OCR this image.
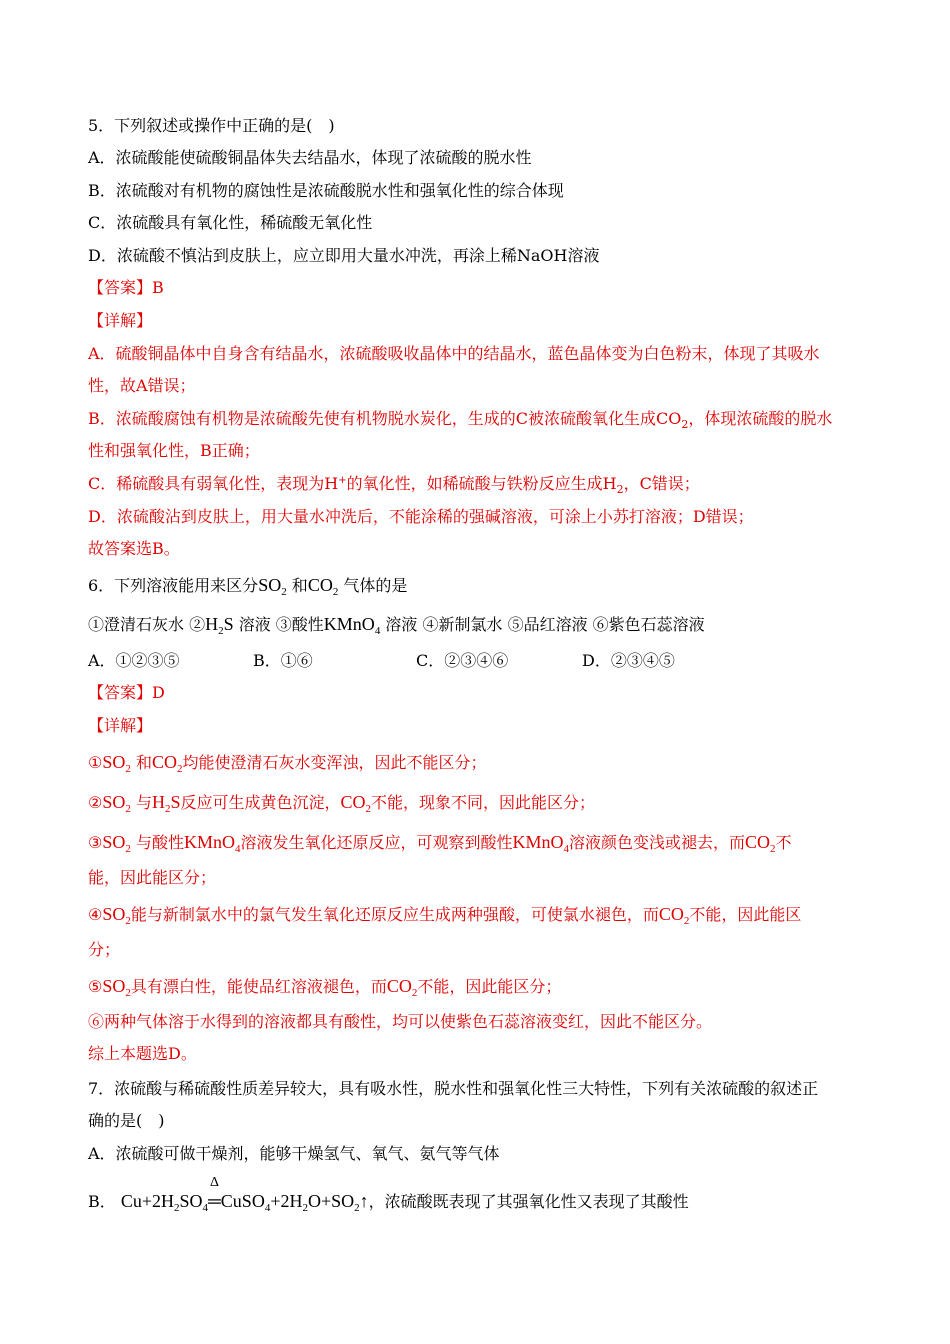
5．下列叙述或操作中正确的是(　)
A．浓硫酸能使硫酸铜晶体失去结晶水，体现了浓硫酸的脱水性
B．浓硫酸对有机物的腐蚀性是浓硫酸脱水性和强氧化性的综合体现
C．浓硫酸具有氧化性，稀硫酸无氧化性
D．浓硫酸不慎沾到皮肤上，应立即用大量水冲洗，再涂上稀NaOH溶液
【答案】B
【详解】
A．硫酸铜晶体中自身含有结晶水，浓硫酸吸收晶体中的结晶水，蓝色晶体变为白色粉末，体现了其吸水
性，故A错误；
B．浓硫酸腐蚀有机物是浓硫酸先使有机物脱水炭化，生成的C被浓硫酸氧化生成$CO_2$，体现浓硫酸的脱水
性和强氧化性，B正确；
C．稀硫酸具有弱氧化性，表现为H+的氧化性，如稀硫酸与铁粉反应生成$H_2$，C错误；
D．浓硫酸沾到皮肤上，用大量水冲洗后，不能涂稀的强碱溶液，可涂上小苏打溶液；D错误；
故答案选B。
6．下列溶液能用来区分$SO_2$ 和$CO_2$ 气体的是
①澄清石灰水 $②H_2S$ 溶液 ③酸性KMnO$_4$ 溶液 ④新制氯水 ⑤品红溶液 ⑥紫色石蕊溶液
A．①②③⑤	B．①⑥	C．②③④⑥	D．②③④⑤
【答案】D
【详解】
$①SO_2$ 和$CO_2$均能使澄清石灰水变浑浊，因此不能区分；
$②SO_2$ 与$H_2S$反应可生成黄色沉淀，$CO_2$不能，现象不同，因此能区分；
$③SO_2$ 与酸性KMnO$_4$溶液发生氧化还原反应，可观察到酸性KMnO$_4$溶液颜色变浅或褪去，而$CO_2$不
能，因此能区分；
$④SO_2$能与新制氯水中的氯气发生氧化还原反应生成两种强酸，可使氯水褪色，而$CO_2$不能，因此能区
分；
$⑤SO_2$具有漂白性，能使品红溶液褪色，而$CO_2$不能，因此能区分；
⑥两种气体溶于水得到的溶液都具有酸性，均可以使紫色石蕊溶液变红，因此不能区分。
综上本题选D。
7．浓硫酸与稀硫酸性质差异较大，具有吸水性，脱水性和强氧化性三大特性，下列有关浓硫酸的叙述正
确的是(　)
A．浓硫酸可做干燥剂，能够干燥氢气、氧气、氨气等气体
B． $Cu+2H_2SO_4$
Δ
$═CuSO_4+2H_2O+SO_2↑$，浓硫酸既表现了其强氧化性又表现了其酸性
